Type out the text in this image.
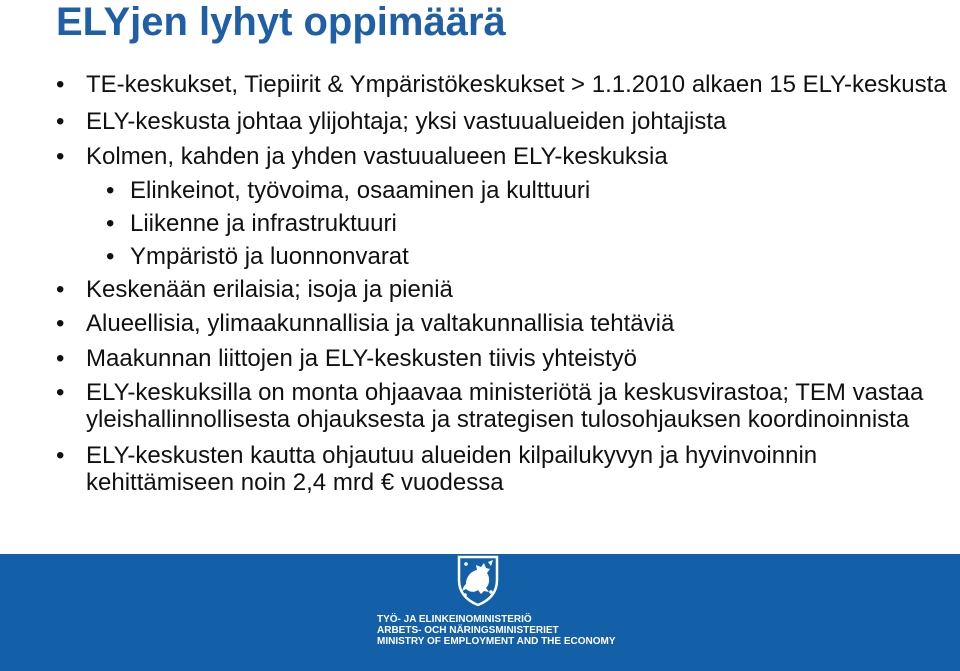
ELYjen lyhyt oppimäärä
• TE-keskukset, Tiepiirit & Ympäristökeskukset > 1.1.2010 alkaen 15 ELY-keskusta
• ELY-keskusta johtaa ylijohtaja; yksi vastuualueiden johtajista
• Kolmen, kahden ja yhden vastuualueen ELY-keskuksia
• Elinkeinot, työvoima, osaaminen ja kulttuuri
• Liikenne ja infrastruktuuri
• Ympäristö ja luonnonvarat
• Keskenään erilaisia; isoja ja pieniä
• Alueellisia, ylimaakunnallisia ja valtakunnallisia tehtäviä
• Maakunnan liittojen ja ELY-keskusten tiivis yhteistyö
• ELY-keskuksilla on monta ohjaavaa ministeriötä ja keskusvirastoa; TEM vastaa yleishallinnollisesta ohjauksesta ja strategisen tulosohjauksen koordinoinnista
• ELY-keskusten kautta ohjautuu alueiden kilpailukyvyn ja hyvinvoinnin kehittämiseen noin 2,4 mrd € vuodessa
TYÖ- JA ELINKEINOMINISTERIÖ
ARBETS- OCH NÄRINGSMINISTERIET
MINISTRY OF EMPLOYMENT AND THE ECONOMY
